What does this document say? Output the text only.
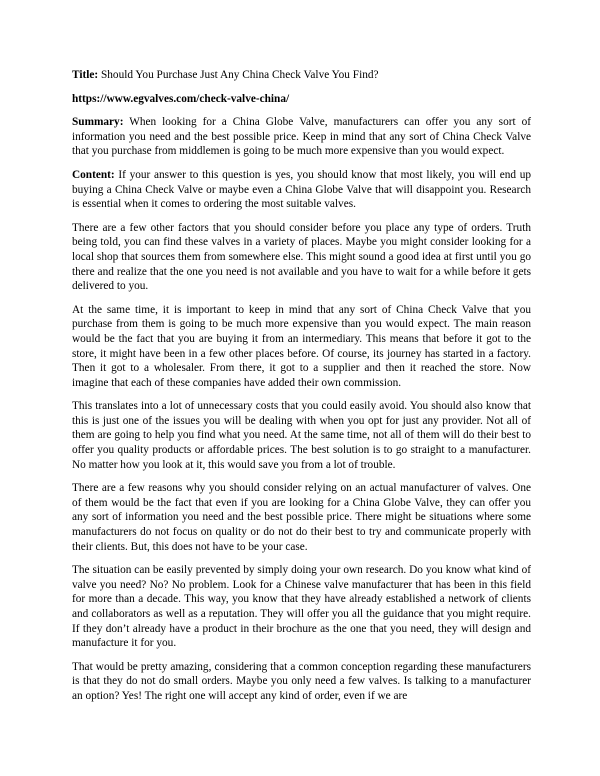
Title: Should You Purchase Just Any China Check Valve You Find?

https://www.egvalves.com/check-valve-china/

Summary: When looking for a China Globe Valve, manufacturers can offer you any sort of information you need and the best possible price. Keep in mind that any sort of China Check Valve that you purchase from middlemen is going to be much more expensive than you would expect.

Content: If your answer to this question is yes, you should know that most likely, you will end up buying a China Check Valve or maybe even a China Globe Valve that will disappoint you. Research is essential when it comes to ordering the most suitable valves.

There are a few other factors that you should consider before you place any type of orders. Truth being told, you can find these valves in a variety of places. Maybe you might consider looking for a local shop that sources them from somewhere else. This might sound a good idea at first until you go there and realize that the one you need is not available and you have to wait for a while before it gets delivered to you.

At the same time, it is important to keep in mind that any sort of China Check Valve that you purchase from them is going to be much more expensive than you would expect. The main reason would be the fact that you are buying it from an intermediary. This means that before it got to the store, it might have been in a few other places before. Of course, its journey has started in a factory. Then it got to a wholesaler. From there, it got to a supplier and then it reached the store. Now imagine that each of these companies have added their own commission.

This translates into a lot of unnecessary costs that you could easily avoid. You should also know that this is just one of the issues you will be dealing with when you opt for just any provider. Not all of them are going to help you find what you need. At the same time, not all of them will do their best to offer you quality products or affordable prices. The best solution is to go straight to a manufacturer. No matter how you look at it, this would save you from a lot of trouble.

There are a few reasons why you should consider relying on an actual manufacturer of valves. One of them would be the fact that even if you are looking for a China Globe Valve, they can offer you any sort of information you need and the best possible price. There might be situations where some manufacturers do not focus on quality or do not do their best to try and communicate properly with their clients. But, this does not have to be your case.

The situation can be easily prevented by simply doing your own research. Do you know what kind of valve you need? No? No problem. Look for a Chinese valve manufacturer that has been in this field for more than a decade. This way, you know that they have already established a network of clients and collaborators as well as a reputation. They will offer you all the guidance that you might require. If they don’t already have a product in their brochure as the one that you need, they will design and manufacture it for you.

That would be pretty amazing, considering that a common conception regarding these manufacturers is that they do not do small orders. Maybe you only need a few valves. Is talking to a manufacturer an option? Yes! The right one will accept any kind of order, even if we are
